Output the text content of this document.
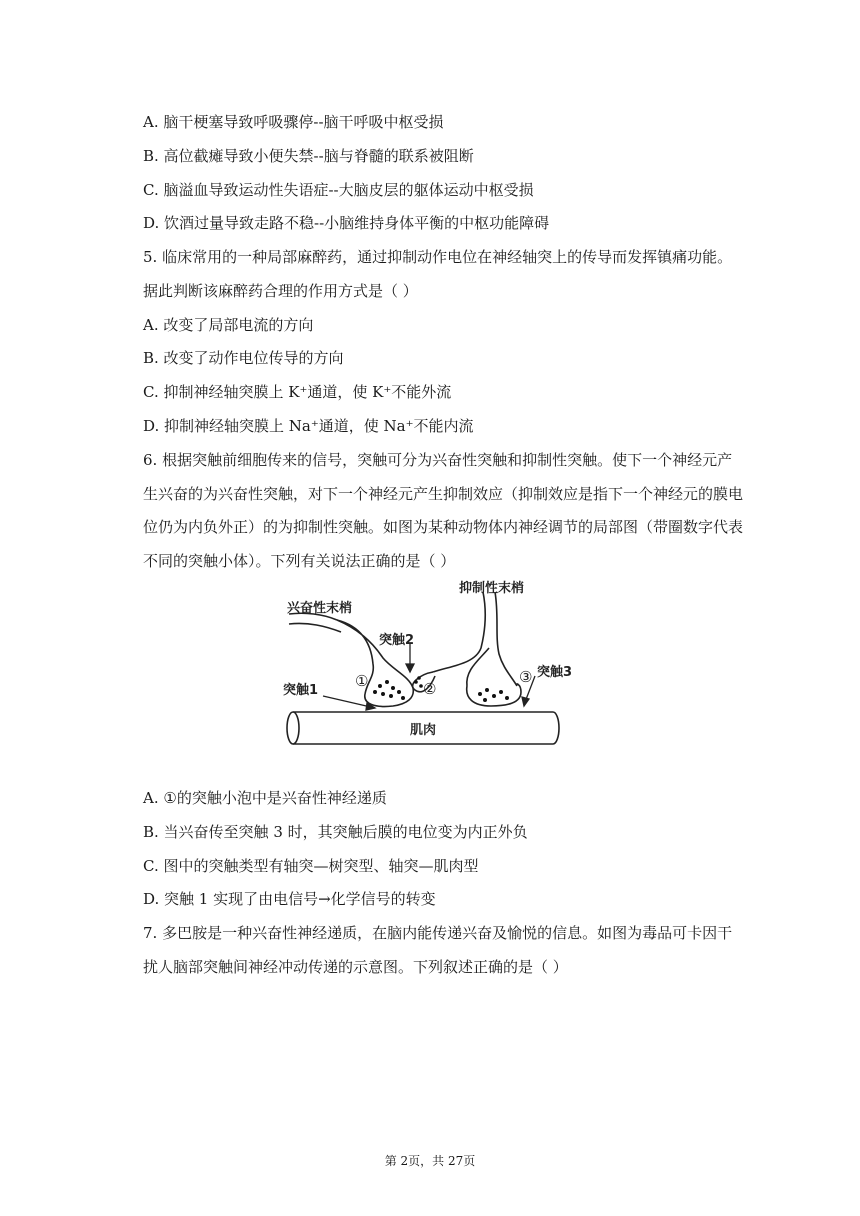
A. 脑干梗塞导致呼吸骤停--脑干呼吸中枢受损
B. 高位截瘫导致小便失禁--脑与脊髓的联系被阻断
C. 脑溢血导致运动性失语症--大脑皮层的躯体运动中枢受损
D. 饮酒过量导致走路不稳--小脑维持身体平衡的中枢功能障碍
5. 临床常用的一种局部麻醉药，通过抑制动作电位在神经轴突上的传导而发挥镇痛功能。
据此判断该麻醉药合理的作用方式是（ ）
A. 改变了局部电流的方向
B. 改变了动作电位传导的方向
C. 抑制神经轴突膜上 K⁺通道，使 K⁺不能外流
D. 抑制神经轴突膜上 Na⁺通道，使 Na⁺不能内流
6. 根据突触前细胞传来的信号，突触可分为兴奋性突触和抑制性突触。使下一个神经元产
生兴奋的为兴奋性突触，对下一个神经元产生抑制效应（抑制效应是指下一个神经元的膜电
位仍为内负外正）的为抑制性突触。如图为某种动物体内神经调节的局部图（带圈数字代表
不同的突触小体）。下列有关说法正确的是（ ）
肌肉
兴奋性末梢
抑制性末梢
突触2
突触1
突触3
①	②
③
A. ①的突触小泡中是兴奋性神经递质
B. 当兴奋传至突触 3 时，其突触后膜的电位变为内正外负
C. 图中的突触类型有轴突—树突型、轴突—肌肉型
D. 突触 1 实现了由电信号→化学信号的转变
7. 多巴胺是一种兴奋性神经递质，在脑内能传递兴奋及愉悦的信息。如图为毒品可卡因干
扰人脑部突触间神经冲动传递的示意图。下列叙述正确的是（ ）
第 2页，共 27页
